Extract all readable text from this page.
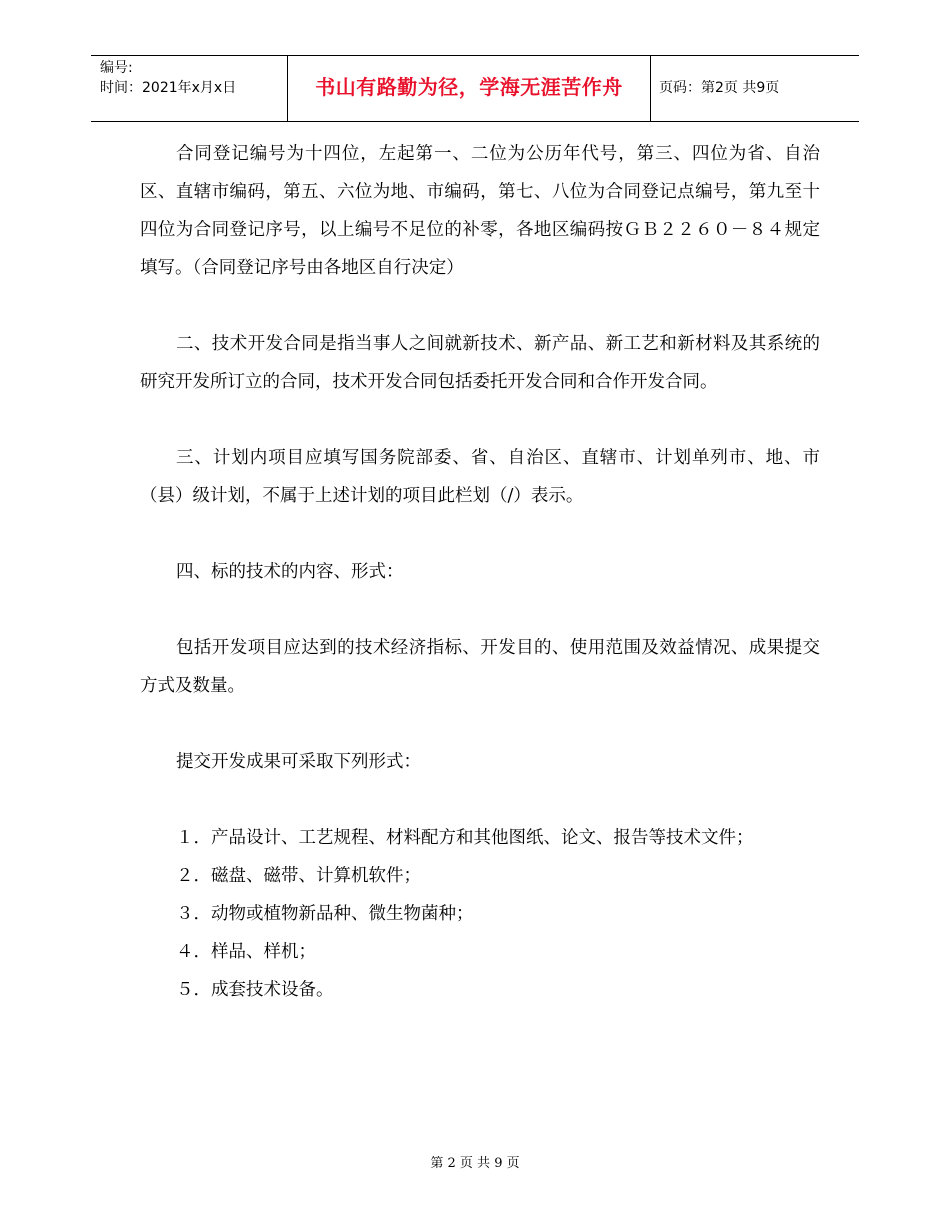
编号:
时间：2021年x月x日	书山有路勤为径，学海无涯苦作舟	页码：第2页 共9页

合同登记编号为十四位，左起第一、二位为公历年代号，第三、四位为省、自治区、直辖市编码，第五、六位为地、市编码，第七、八位为合同登记点编号，第九至十四位为合同登记序号，以上编号不足位的补零，各地区编码按ＧＢ２２６０－８４规定填写。（合同登记序号由各地区自行决定）

二、技术开发合同是指当事人之间就新技术、新产品、新工艺和新材料及其系统的研究开发所订立的合同，技术开发合同包括委托开发合同和合作开发合同。

三、计划内项目应填写国务院部委、省、自治区、直辖市、计划单列市、地、市（县）级计划，不属于上述计划的项目此栏划（/）表示。

四、标的技术的内容、形式：

包括开发项目应达到的技术经济指标、开发目的、使用范围及效益情况、成果提交方式及数量。

提交开发成果可采取下列形式：

１．产品设计、工艺规程、材料配方和其他图纸、论文、报告等技术文件；

２．磁盘、磁带、计算机软件；

３．动物或植物新品种、微生物菌种；

４．样品、样机；

５．成套技术设备。

第 2 页 共 9 页
